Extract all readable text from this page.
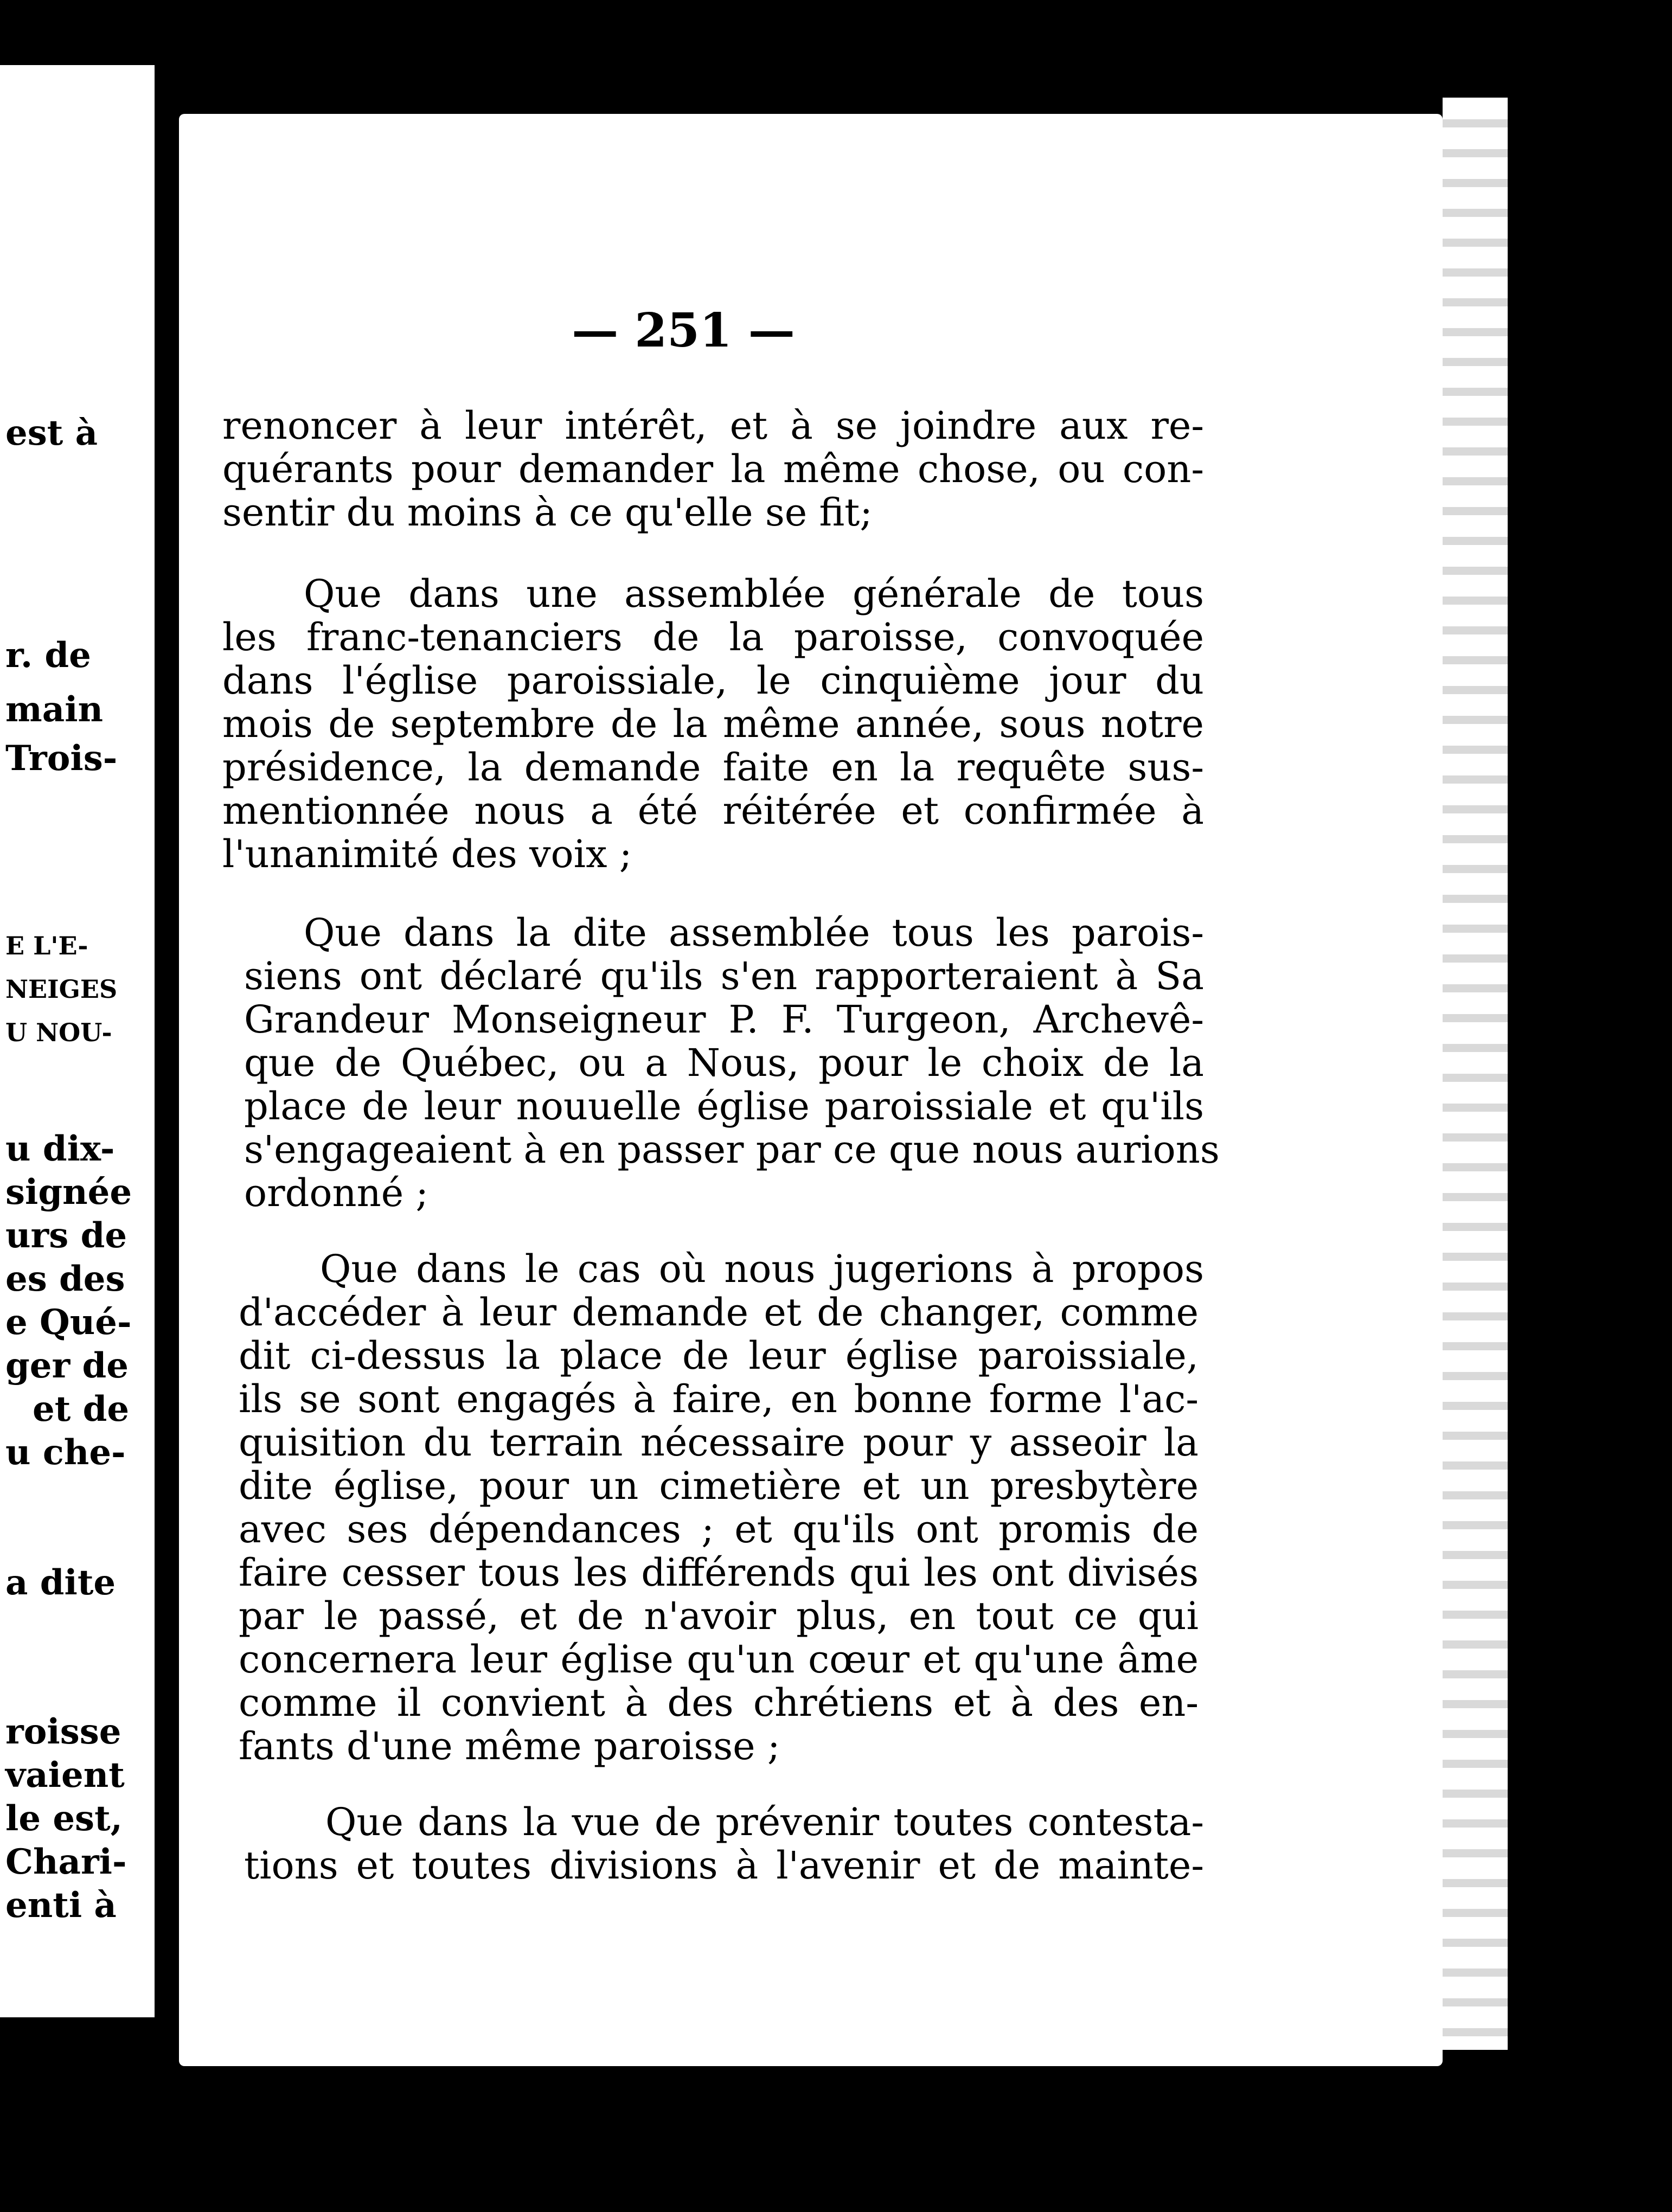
est à
r. de
main
Trois-
E L'E-
NEIGES
U NOU-
u dix-
signée
urs de
es des
e Qué-
ger de
et de
u che-
a dite
roisse
vaient
le est,
Chari-
enti à
— 251 —
renoncer à leur intérêt, et à se joindre aux re-
quérants pour demander la même chose, ou con-
sentir du moins à ce qu'elle se fit;
Que dans une assemblée générale de tous
les franc-tenanciers de la paroisse, convoquée
dans l'église paroissiale, le cinquième jour du
mois de septembre de la même année, sous notre
présidence, la demande faite en la requête sus-
mentionnée nous a été réitérée et confirmée à
l'unanimité des voix ;
Que dans la dite assemblée tous les parois-
siens ont déclaré qu'ils s'en rapporteraient à Sa
Grandeur Monseigneur P. F. Turgeon, Archevê-
que de Québec, ou a Nous, pour le choix de la
place de leur nouuelle église paroissiale et qu'ils
s'engageaient à en passer par ce que nous aurions
ordonné ;
Que dans le cas où nous jugerions à propos
d'accéder à leur demande et de changer, comme
dit ci-dessus la place de leur église paroissiale,
ils se sont engagés à faire, en bonne forme l'ac-
quisition du terrain nécessaire pour y asseoir la
dite église, pour un cimetière et un presbytère
avec ses dépendances ; et qu'ils ont promis de
faire cesser tous les différends qui les ont divisés
par le passé, et de n'avoir plus, en tout ce qui
concernera leur église qu'un cœur et qu'une âme
comme il convient à des chrétiens et à des en-
fants d'une même paroisse ;
Que dans la vue de prévenir toutes contesta-
tions et toutes divisions à l'avenir et de mainte-
